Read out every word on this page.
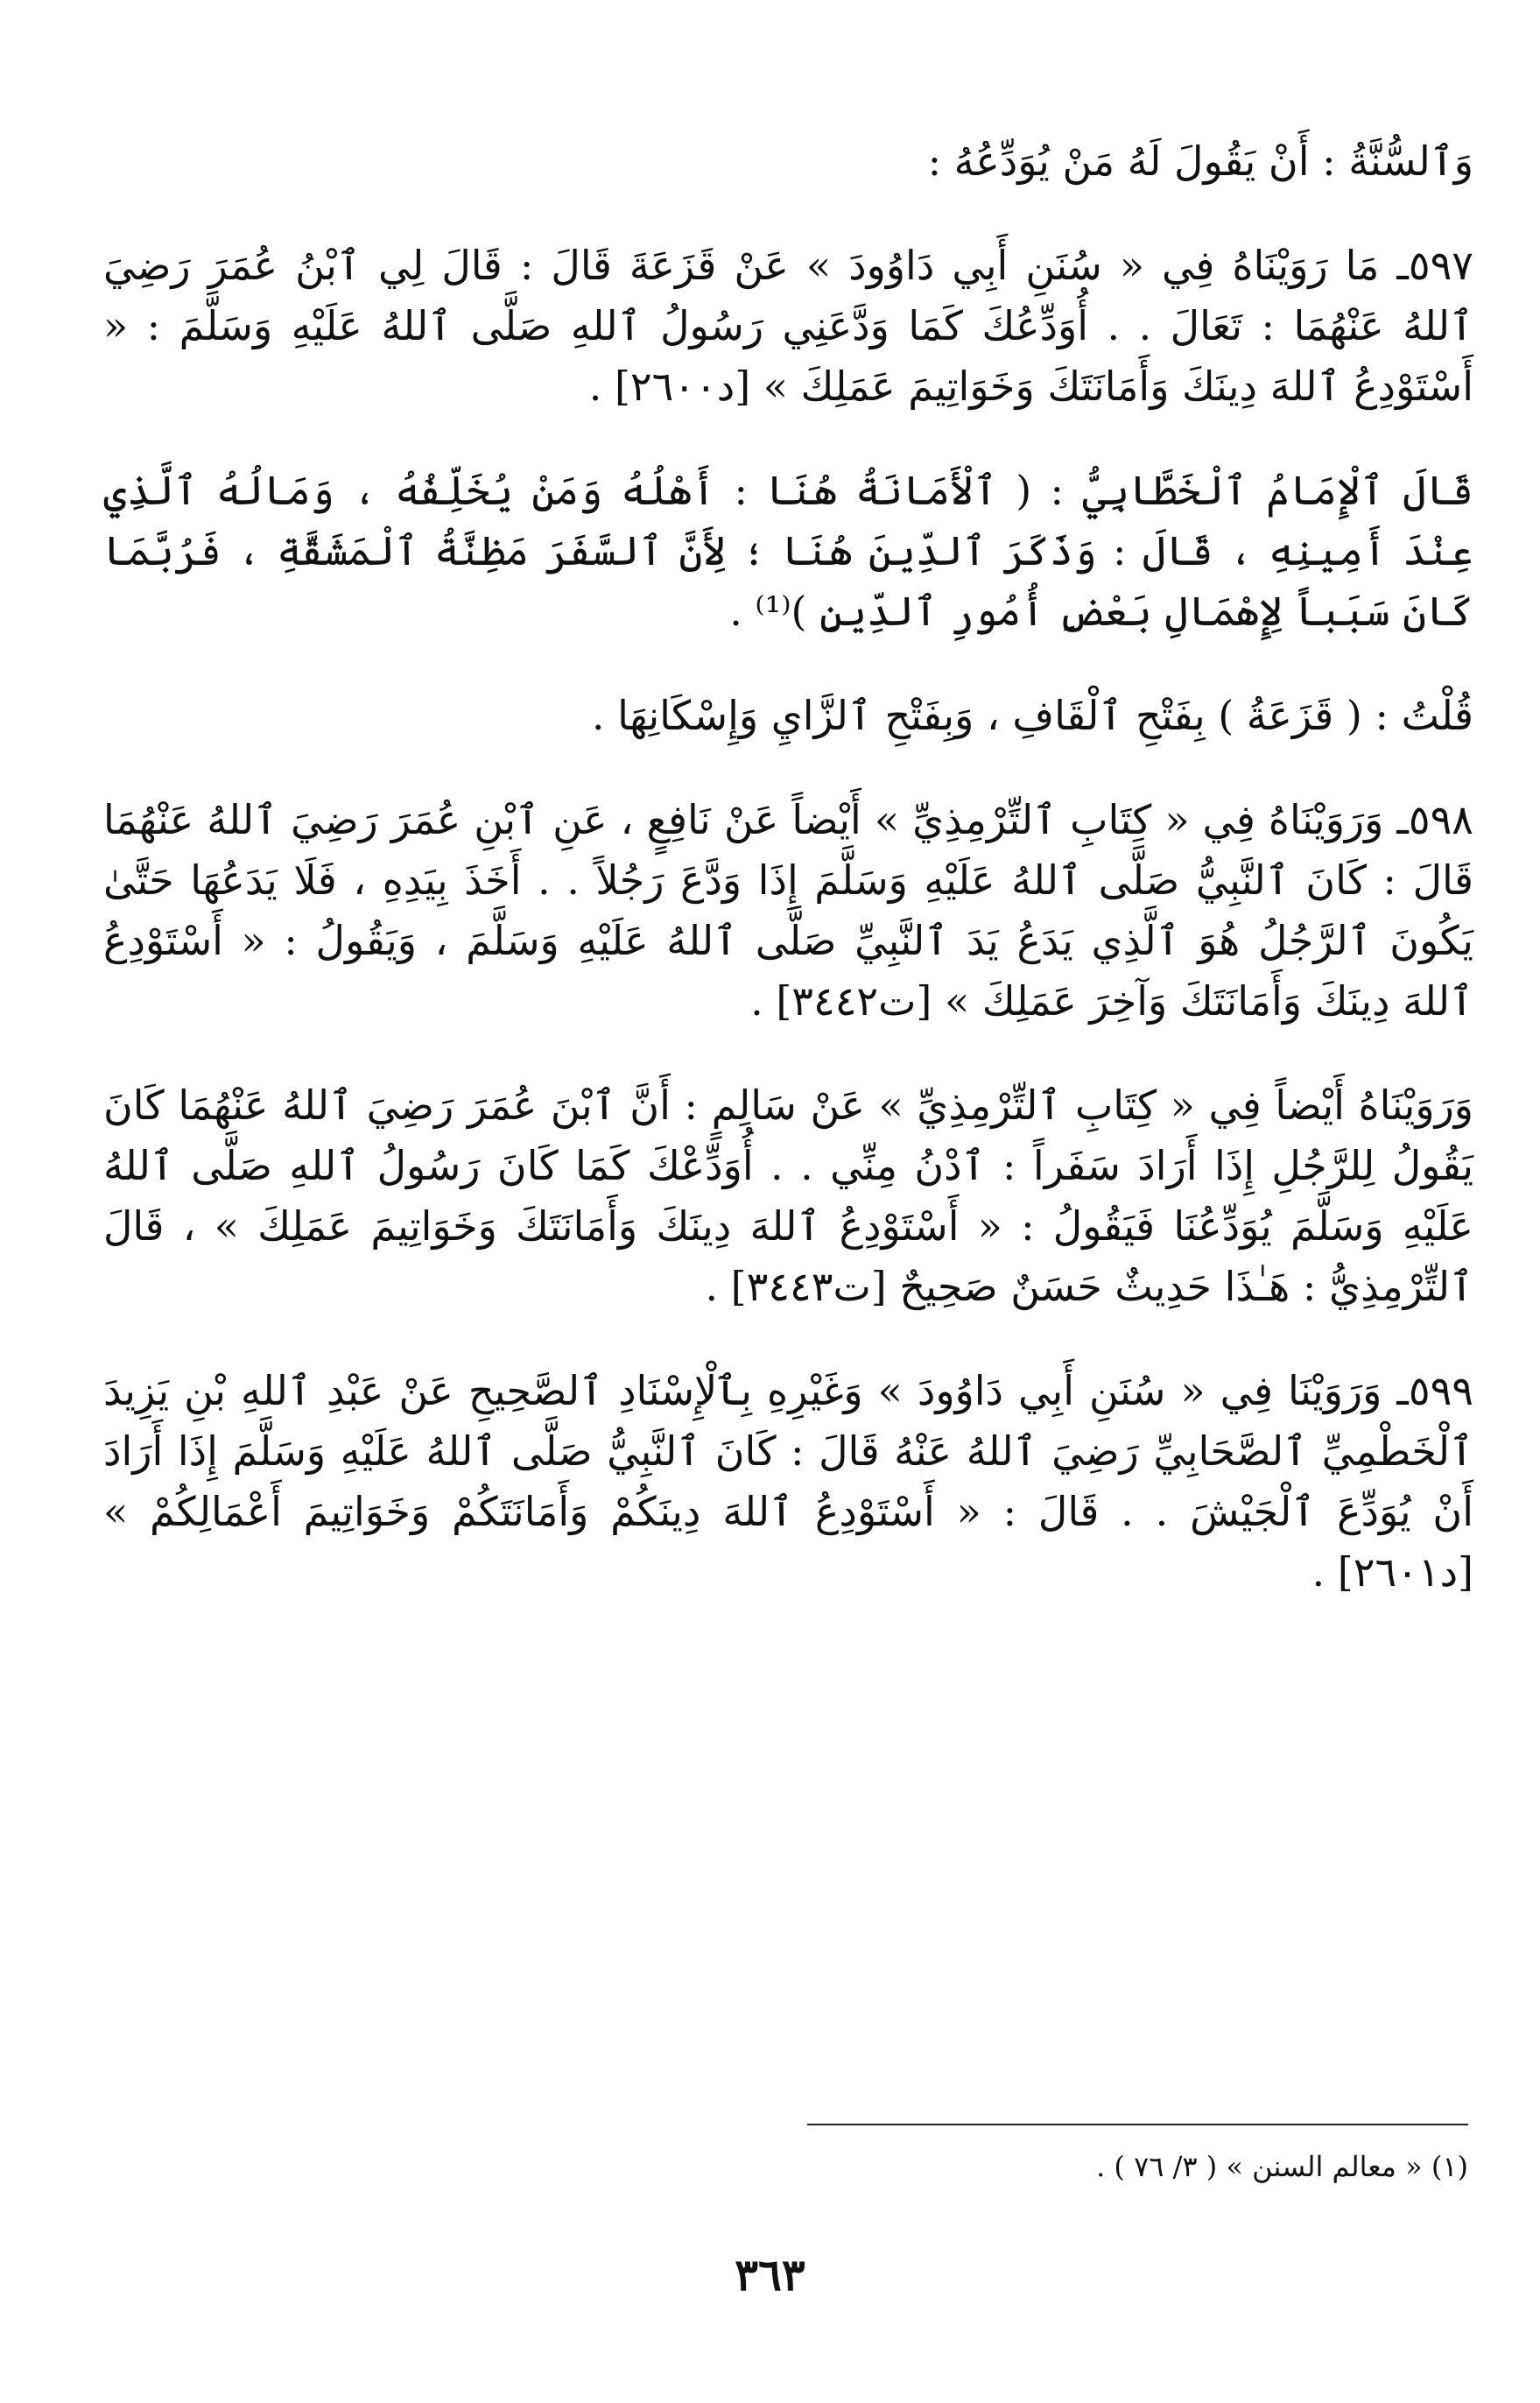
وَٱلسُّنَّةُ : أَنْ يَقُولَ لَهُ مَنْ يُوَدِّعُهُ :

٥٩٧ـ مَا رَوَيْنَاهُ فِي « سُنَنِ أَبِي دَاوُودَ » عَنْ قَزَعَةَ قَالَ : قَالَ لِي ٱبْنُ عُمَرَ رَضِيَ ٱللهُ عَنْهُمَا : تَعَالَ . . أُوَدِّعُكَ كَمَا وَدَّعَنِي رَسُولُ ٱللهِ صَلَّى ٱللهُ عَلَيْهِ وَسَلَّمَ : « أَسْتَوْدِعُ ٱللهَ دِينَكَ وَأَمَانَتَكَ وَخَوَاتِيمَ عَمَلِكَ » [د٢٦٠٠] .

قَالَ ٱلْإِمَامُ ٱلْخَطَّابِيُّ : ( ٱلْأَمَانَةُ هُنَا : أَهْلُهُ وَمَنْ يُخَلِّفُهُ ، وَمَالُهُ ٱلَّذِي عِنْدَ أَمِينِهِ ، قَالَ : وَذَكَرَ ٱلدِّينَ هُنَا ؛ لِأَنَّ ٱلسَّفَرَ مَظِنَّةُ ٱلْمَشَقَّةِ ، فَرُبَّمَا كَانَ سَبَباً لِإِهْمَالِ بَعْضِ أُمُورِ ٱلدِّينِ )⁽¹⁾ .

قُلْتُ : ( قَزَعَةُ ) بِفَتْحِ ٱلْقَافِ ، وَبِفَتْحِ ٱلزَّايِ وَإِسْكَانِهَا .

٥٩٨ـ وَرَوَيْنَاهُ فِي « كِتَابِ ٱلتِّرْمِذِيِّ » أَيْضاً عَنْ نَافِعٍ ، عَنِ ٱبْنِ عُمَرَ رَضِيَ ٱللهُ عَنْهُمَا قَالَ : كَانَ ٱلنَّبِيُّ صَلَّى ٱللهُ عَلَيْهِ وَسَلَّمَ إِذَا وَدَّعَ رَجُلاً . . أَخَذَ بِيَدِهِ ، فَلَا يَدَعُهَا حَتَّىٰ يَكُونَ ٱلرَّجُلُ هُوَ ٱلَّذِي يَدَعُ يَدَ ٱلنَّبِيِّ صَلَّى ٱللهُ عَلَيْهِ وَسَلَّمَ ، وَيَقُولُ : « أَسْتَوْدِعُ ٱللهَ دِينَكَ وَأَمَانَتَكَ وَآخِرَ عَمَلِكَ » [ت٣٤٤٢] .

وَرَوَيْنَاهُ أَيْضاً فِي « كِتَابِ ٱلتِّرْمِذِيِّ » عَنْ سَالِمٍ : أَنَّ ٱبْنَ عُمَرَ رَضِيَ ٱللهُ عَنْهُمَا كَانَ يَقُولُ لِلرَّجُلِ إِذَا أَرَادَ سَفَراً : ٱدْنُ مِنِّي . . أُوَدِّعْكَ كَمَا كَانَ رَسُولُ ٱللهِ صَلَّى ٱللهُ عَلَيْهِ وَسَلَّمَ يُوَدِّعُنَا فَيَقُولُ : « أَسْتَوْدِعُ ٱللهَ دِينَكَ وَأَمَانَتَكَ وَخَوَاتِيمَ عَمَلِكَ » ، قَالَ ٱلتِّرْمِذِيُّ : هَـٰذَا حَدِيثٌ حَسَنٌ صَحِيحٌ [ت٣٤٤٣] .

٥٩٩ـ وَرَوَيْنَا فِي « سُنَنِ أَبِي دَاوُودَ » وَغَيْرِهِ بِٱلْإِسْنَادِ ٱلصَّحِيحِ عَنْ عَبْدِ ٱللهِ بْنِ يَزِيدَ ٱلْخَطْمِيِّ ٱلصَّحَابِيِّ رَضِيَ ٱللهُ عَنْهُ قَالَ : كَانَ ٱلنَّبِيُّ صَلَّى ٱللهُ عَلَيْهِ وَسَلَّمَ إِذَا أَرَادَ أَنْ يُوَدِّعَ ٱلْجَيْشَ . . قَالَ : « أَسْتَوْدِعُ ٱللهَ دِينَكُمْ وَأَمَانَتَكُمْ وَخَوَاتِيمَ أَعْمَالِكُمْ » [د٢٦٠١] .

(١) « معالم السنن » ( ٣/ ٧٦ ) .

٣٦٣
